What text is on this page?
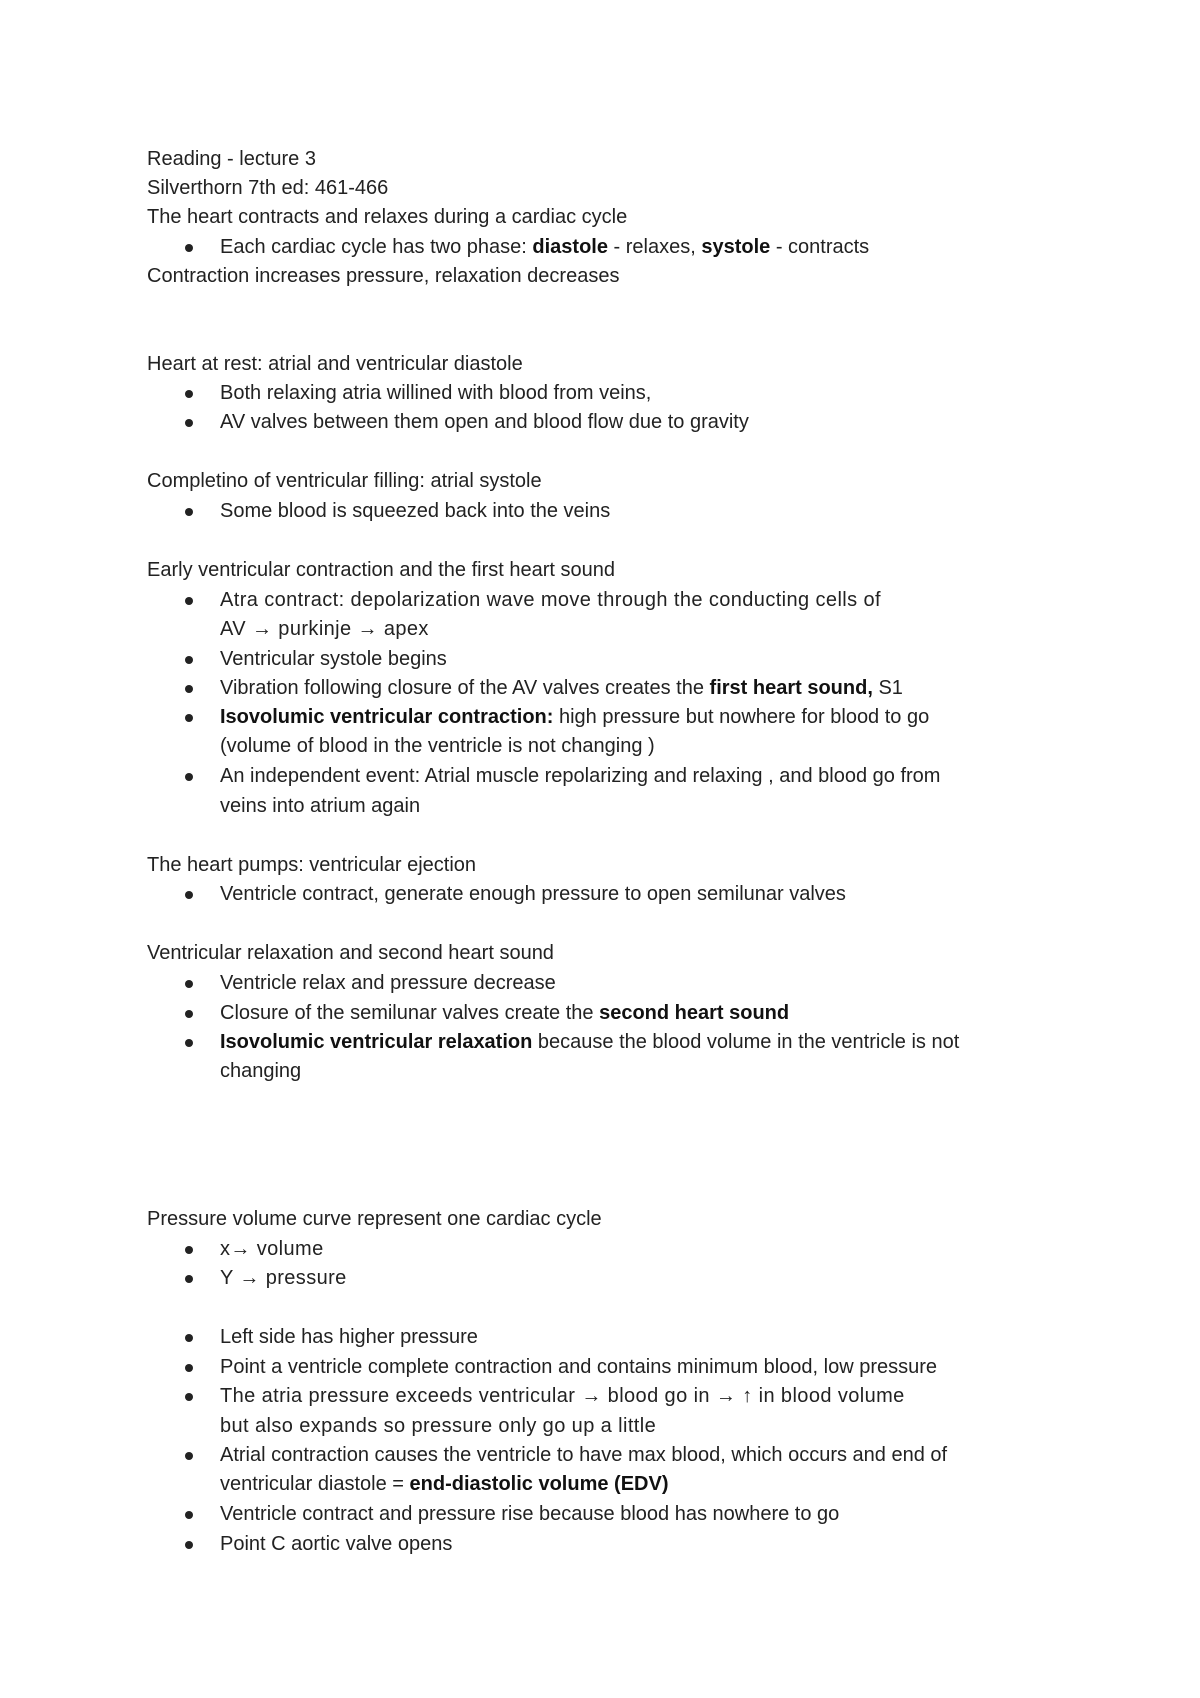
Reading - lecture 3
Silverthorn 7th ed: 461-466
The heart contracts and relaxes during a cardiac cycle
Each cardiac cycle has two phase: diastole - relaxes, systole - contracts
Contraction increases pressure, relaxation decreases
Heart at rest: atrial and ventricular diastole
Both relaxing atria willined with blood from veins,
AV valves between them open and blood flow due to gravity
Completino of ventricular filling: atrial systole
Some blood is squeezed back into the veins
Early ventricular contraction and the first heart sound
Atra contract: depolarization wave move through the conducting cells of
AV → purkinje → apex
Ventricular systole begins
Vibration following closure of the AV valves creates the first heart sound, S1
Isovolumic ventricular contraction: high pressure but nowhere for blood to go
(volume of blood in the ventricle is not changing )
An independent event: Atrial muscle repolarizing and relaxing , and blood go from
veins into atrium again
The heart pumps: ventricular ejection
Ventricle contract, generate enough pressure to open semilunar valves
Ventricular relaxation and second heart sound
Ventricle relax and pressure decrease
Closure of the semilunar valves create the second heart sound
Isovolumic ventricular relaxation because the blood volume in the ventricle is not
changing
Pressure volume curve represent one cardiac cycle
x→ volume
Y → pressure
Left side has higher pressure
Point a ventricle complete contraction and contains minimum blood, low pressure
The atria pressure exceeds ventricular → blood go in → ↑ in blood volume
but also expands so pressure only go up a little
Atrial contraction causes the ventricle to have max blood, which occurs and end of
ventricular diastole = end-diastolic volume (EDV)
Ventricle contract and pressure rise because blood has nowhere to go
Point C aortic valve opens
